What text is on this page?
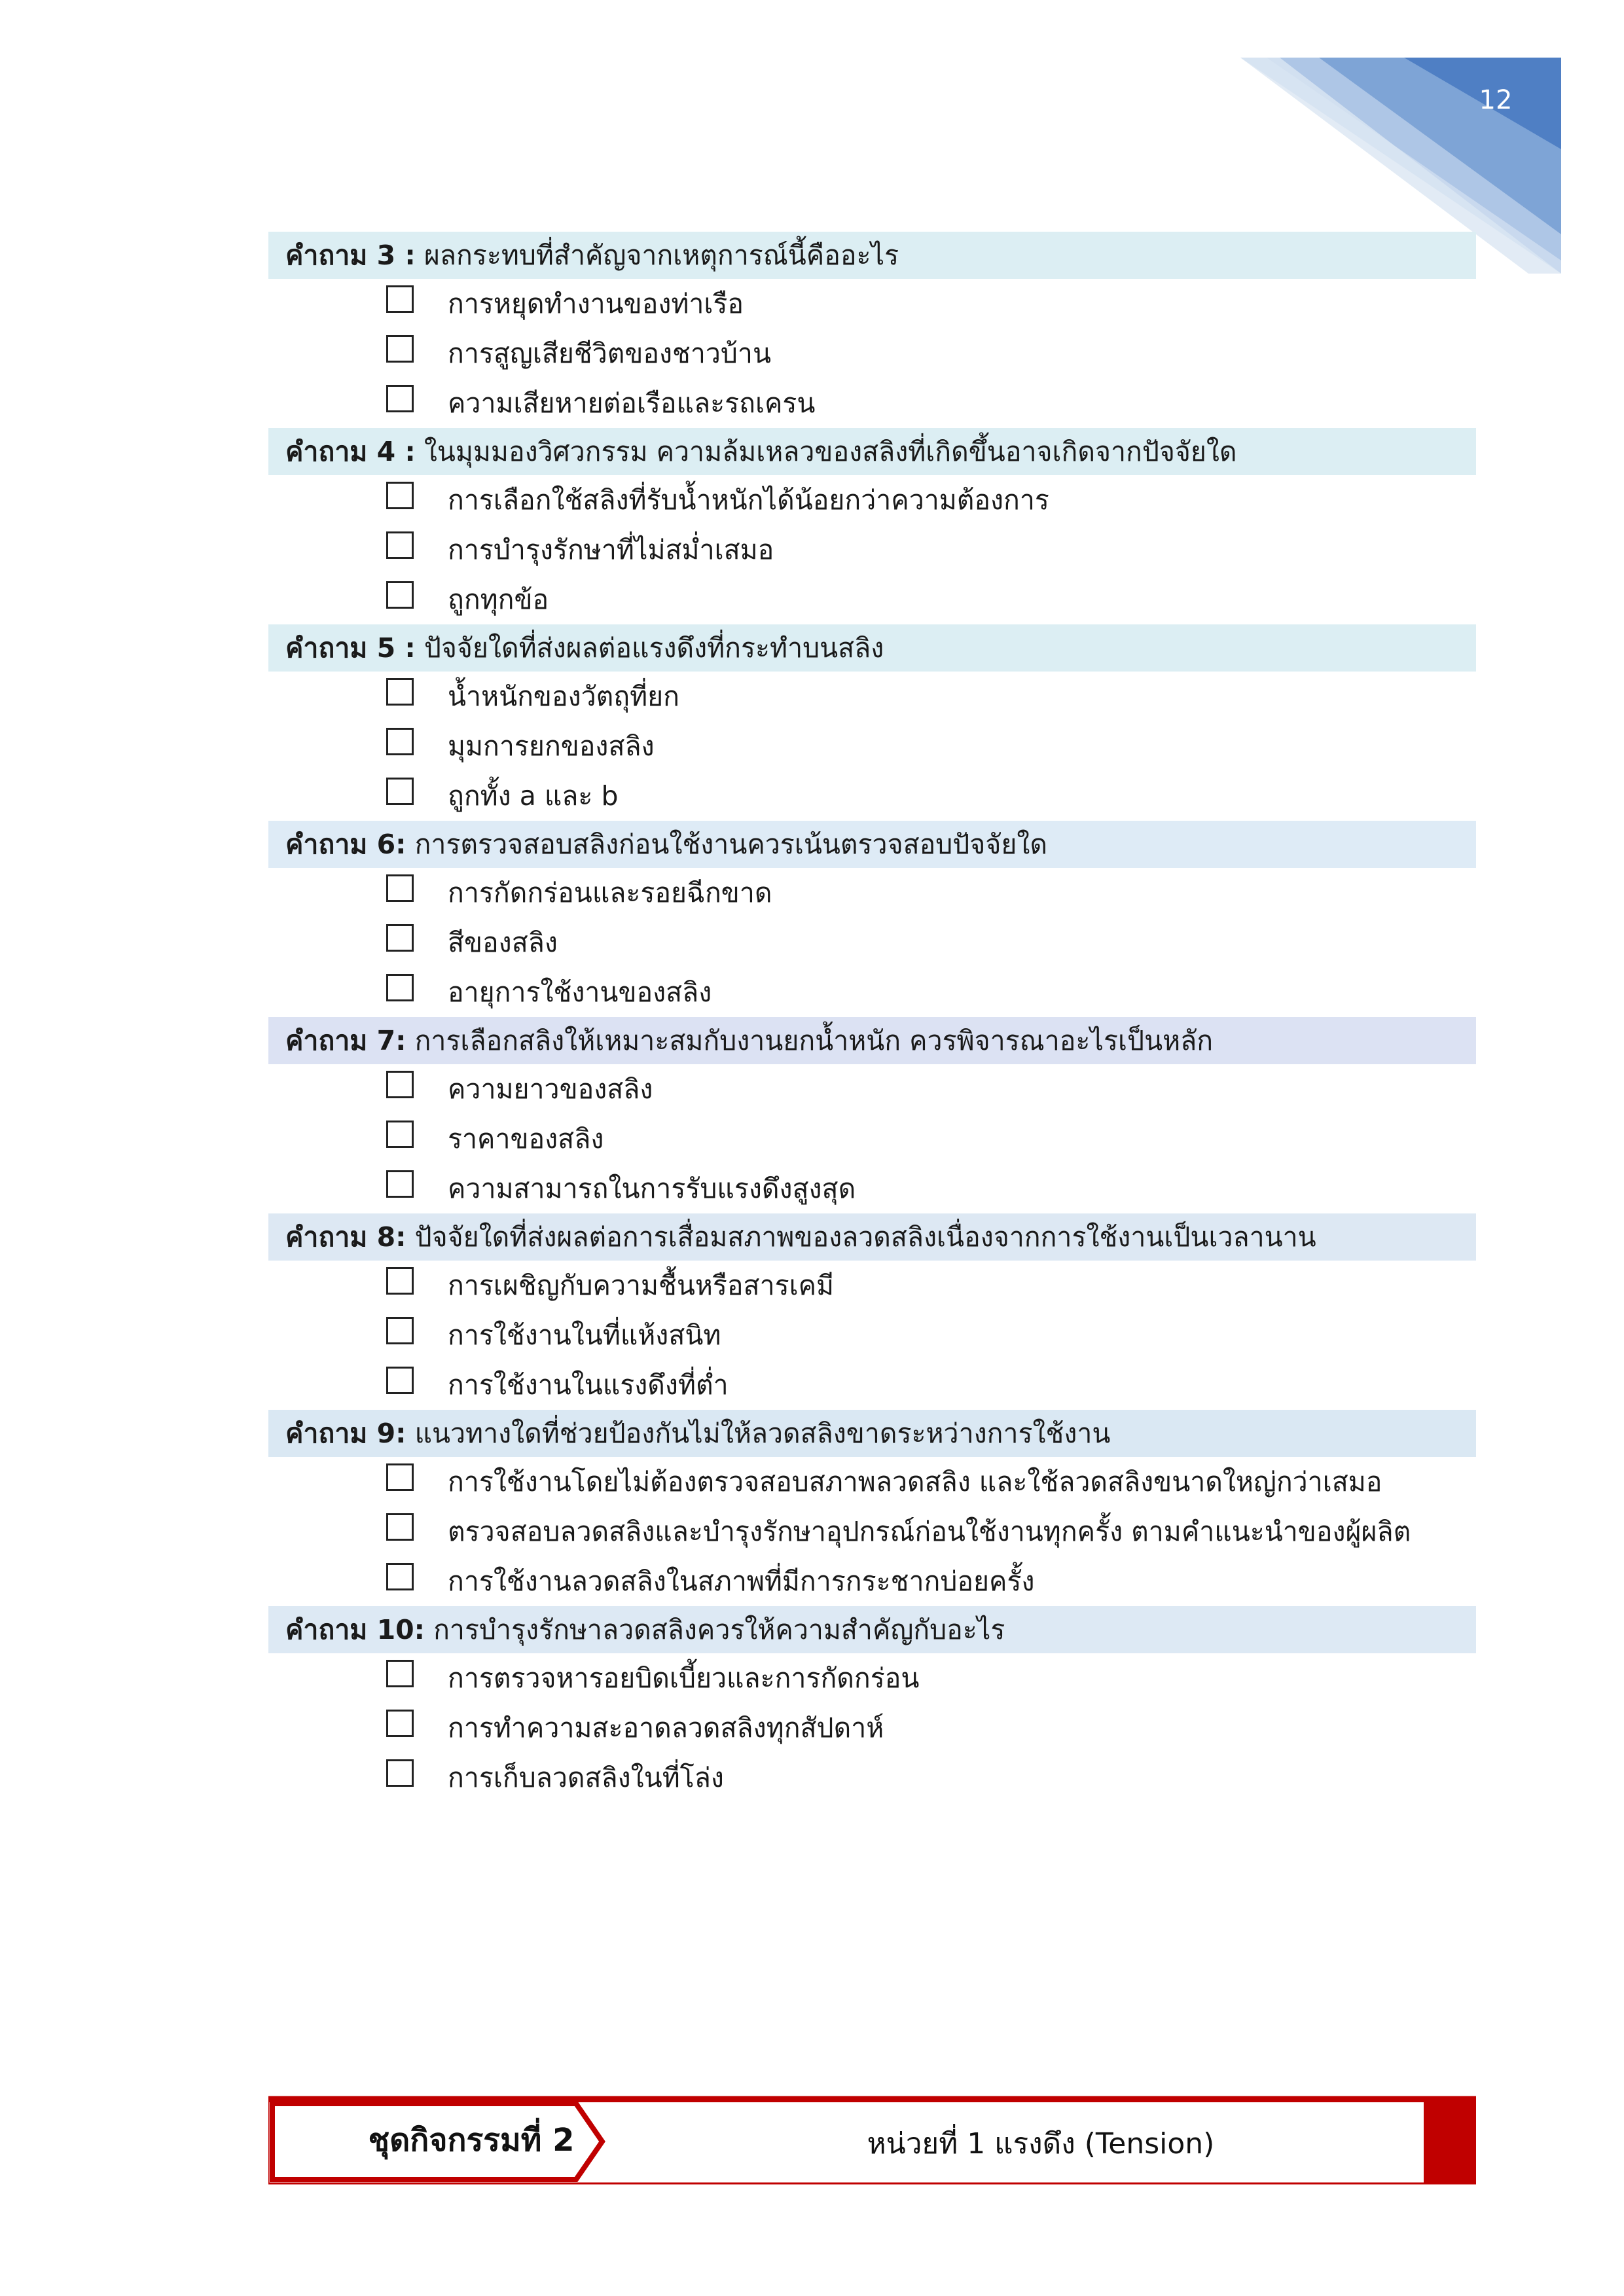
12
คำถาม 3 : ผลกระทบที่สำคัญจากเหตุการณ์นี้คืออะไร
การหยุดทำงานของท่าเรือ
การสูญเสียชีวิตของชาวบ้าน
ความเสียหายต่อเรือและรถเครน
คำถาม 4 : ในมุมมองวิศวกรรม ความล้มเหลวของสลิงที่เกิดขึ้นอาจเกิดจากปัจจัยใด
การเลือกใช้สลิงที่รับน้ำหนักได้น้อยกว่าความต้องการ
การบำรุงรักษาที่ไม่สม่ำเสมอ
ถูกทุกข้อ
คำถาม 5 : ปัจจัยใดที่ส่งผลต่อแรงดึงที่กระทำบนสลิง
น้ำหนักของวัตถุที่ยก
มุมการยกของสลิง
ถูกทั้ง a และ b
คำถาม 6: การตรวจสอบสลิงก่อนใช้งานควรเน้นตรวจสอบปัจจัยใด
การกัดกร่อนและรอยฉีกขาด
สีของสลิง
อายุการใช้งานของสลิง
คำถาม 7: การเลือกสลิงให้เหมาะสมกับงานยกน้ำหนัก ควรพิจารณาอะไรเป็นหลัก
ความยาวของสลิง
ราคาของสลิง
ความสามารถในการรับแรงดึงสูงสุด
คำถาม 8: ปัจจัยใดที่ส่งผลต่อการเสื่อมสภาพของลวดสลิงเนื่องจากการใช้งานเป็นเวลานาน
การเผชิญกับความชื้นหรือสารเคมี
การใช้งานในที่แห้งสนิท
การใช้งานในแรงดึงที่ต่ำ
คำถาม 9: แนวทางใดที่ช่วยป้องกันไม่ให้ลวดสลิงขาดระหว่างการใช้งาน
การใช้งานโดยไม่ต้องตรวจสอบสภาพลวดสลิง และใช้ลวดสลิงขนาดใหญ่กว่าเสมอ
ตรวจสอบลวดสลิงและบำรุงรักษาอุปกรณ์ก่อนใช้งานทุกครั้ง ตามคำแนะนำของผู้ผลิต
การใช้งานลวดสลิงในสภาพที่มีการกระชากบ่อยครั้ง
คำถาม 10: การบำรุงรักษาลวดสลิงควรให้ความสำคัญกับอะไร
การตรวจหารอยบิดเบี้ยวและการกัดกร่อน
การทำความสะอาดลวดสลิงทุกสัปดาห์
การเก็บลวดสลิงในที่โล่ง
ชุดกิจกรรมที่ 2	หน่วยที่ 1 แรงดึง (Tension)
